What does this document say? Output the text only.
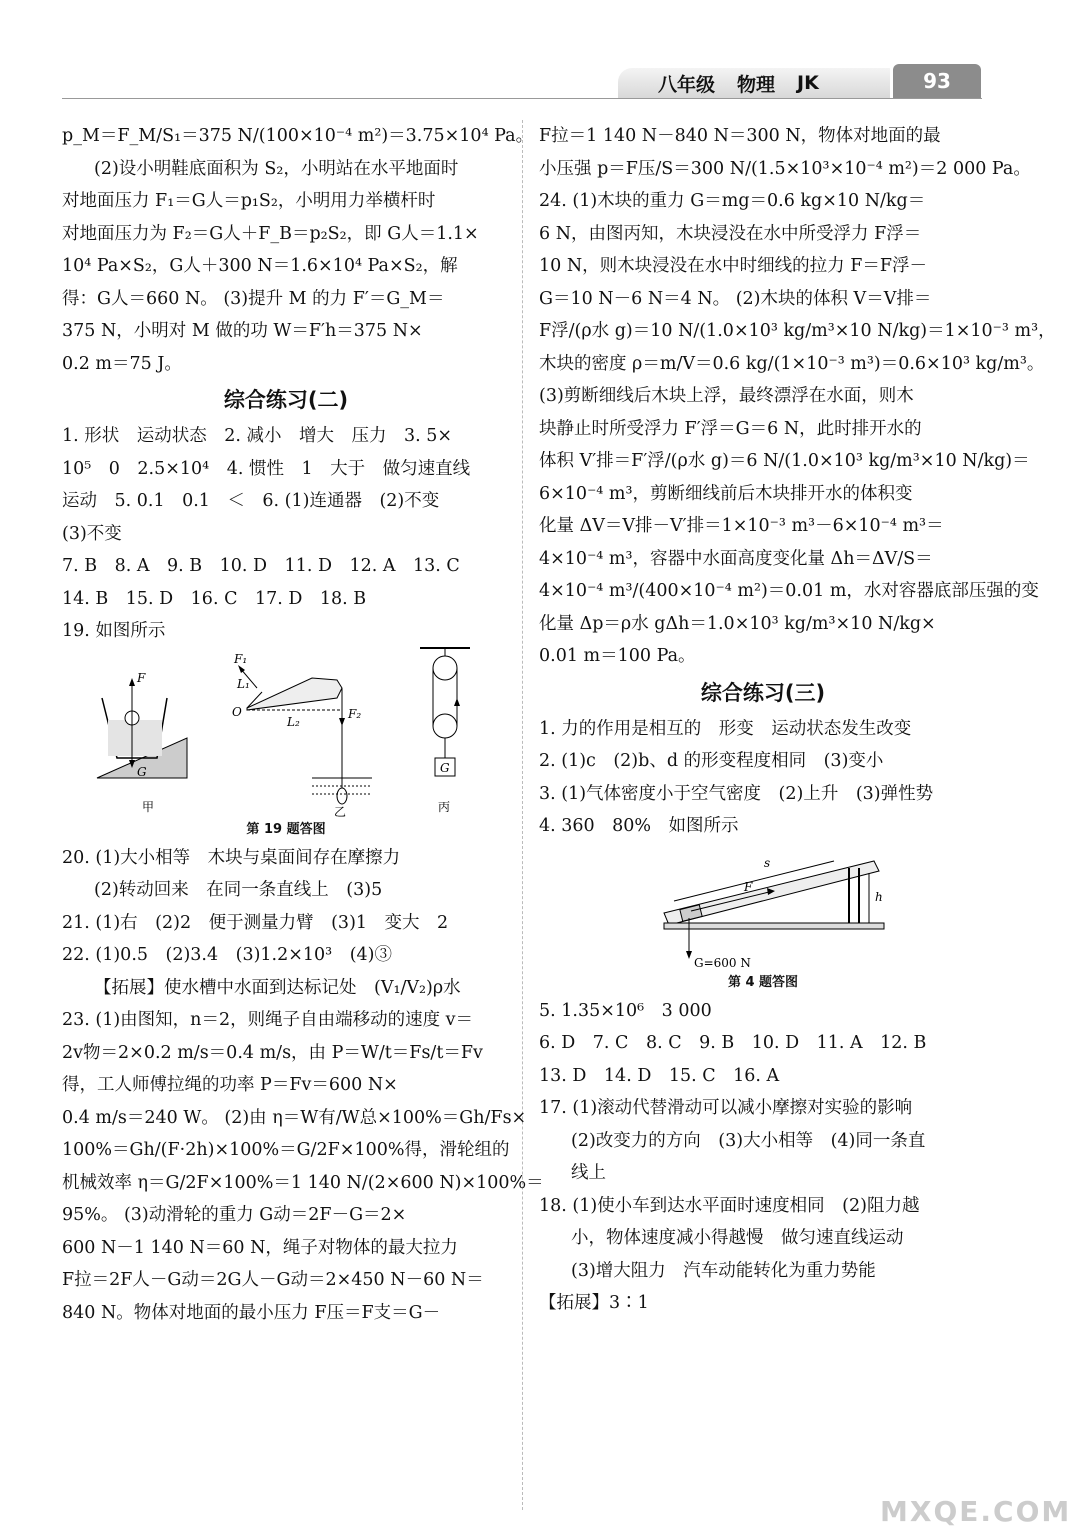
八年级 物理 JK	93
p_M＝F_M/S₁＝375 N/(100×10⁻⁴ m²)＝3.75×10⁴ Pa。
(2)设小明鞋底面积为 S₂，小明站在水平地面时
对地面压力 F₁＝G人＝p₁S₂，小明用力举横杆时
对地面压力为 F₂＝G人＋F_B＝p₂S₂，即 G人＝1.1×
10⁴ Pa×S₂，G人＋300 N＝1.6×10⁴ Pa×S₂，解
得：G人＝660 N。 (3)提升 M 的力 F′＝G_M＝
375 N，小明对 M 做的功 W＝F′h＝375 N×
0.2 m＝75 J。
综合练习(二)
1. 形状　运动状态　2. 减小　增大　压力　3. 5×
10⁵　0　2.5×10⁴　4. 惯性　1　大于　做匀速直线
运动　5. 0.1　0.1　＜　6. (1)连通器　(2)不变
(3)不变
7. B　8. A　9. B　10. D　11. D　12. A　13. C
14. B　15. D　16. C　17. D　18. B
19. 如图所示
F
G
甲
F₁
L₁
O	F₂
L₂
乙
G
丙
第 19 题答图
20. (1)大小相等　木块与桌面间存在摩擦力
(2)转动回来　在同一条直线上　(3)5
21. (1)右　(2)2　便于测量力臂　(3)1　变大　2
22. (1)0.5　(2)3.4　(3)1.2×10³　(4)③
【拓展】使水槽中水面到达标记处　(V₁/V₂)ρ水
23. (1)由图知，n＝2，则绳子自由端移动的速度 v＝
2v物＝2×0.2 m/s＝0.4 m/s，由 P＝W/t＝Fs/t＝Fv
得，工人师傅拉绳的功率 P＝Fv＝600 N×
0.4 m/s＝240 W。 (2)由 η＝W有/W总×100%＝Gh/Fs×
100%＝Gh/(F·2h)×100%＝G/2F×100%得，滑轮组的
机械效率 η＝G/2F×100%＝1 140 N/(2×600 N)×100%＝
95%。 (3)动滑轮的重力 G动＝2F－G＝2×
600 N－1 140 N＝60 N，绳子对物体的最大拉力
F拉＝2F人－G动＝2G人－G动＝2×450 N－60 N＝
840 N。物体对地面的最小压力 F压＝F支＝G－
F拉＝1 140 N－840 N＝300 N，物体对地面的最
小压强 p＝F压/S＝300 N/(1.5×10³×10⁻⁴ m²)＝2 000 Pa。
24. (1)木块的重力 G＝mg＝0.6 kg×10 N/kg＝
6 N，由图丙知，木块浸没在水中所受浮力 F浮＝
10 N，则木块浸没在水中时细线的拉力 F＝F浮－
G＝10 N－6 N＝4 N。 (2)木块的体积 V＝V排＝
F浮/(ρ水 g)＝10 N/(1.0×10³ kg/m³×10 N/kg)＝1×10⁻³ m³，
木块的密度 ρ＝m/V＝0.6 kg/(1×10⁻³ m³)＝0.6×10³ kg/m³。
(3)剪断细线后木块上浮，最终漂浮在水面，则木
块静止时所受浮力 F′浮＝G＝6 N，此时排开水的
体积 V′排＝F′浮/(ρ水 g)＝6 N/(1.0×10³ kg/m³×10 N/kg)＝
6×10⁻⁴ m³，剪断细线前后木块排开水的体积变
化量 ΔV＝V排－V′排＝1×10⁻³ m³－6×10⁻⁴ m³＝
4×10⁻⁴ m³，容器中水面高度变化量 Δh＝ΔV/S＝
4×10⁻⁴ m³/(400×10⁻⁴ m²)＝0.01 m，水对容器底部压强的变
化量 Δp＝ρ水 gΔh＝1.0×10³ kg/m³×10 N/kg×
0.01 m＝100 Pa。
综合练习(三)
1. 力的作用是相互的　形变　运动状态发生改变
2. (1)c　(2)b、d 的形变程度相同　(3)变小
3. (1)气体密度小于空气密度　(2)上升　(3)弹性势
4. 360　80%　如图所示
s
F
h
G=600 N
第 4 题答图
5. 1.35×10⁶　3 000
6. D　7. C　8. C　9. B　10. D　11. A　12. B
13. D　14. D　15. C　16. A
17. (1)滚动代替滑动可以减小摩擦对实验的影响
(2)改变力的方向　(3)大小相等　(4)同一条直
线上
18. (1)使小车到达水平面时速度相同　(2)阻力越
小，物体速度减小得越慢　做匀速直线运动
(3)增大阻力　汽车动能转化为重力势能
【拓展】3∶1
MXQE.COM
